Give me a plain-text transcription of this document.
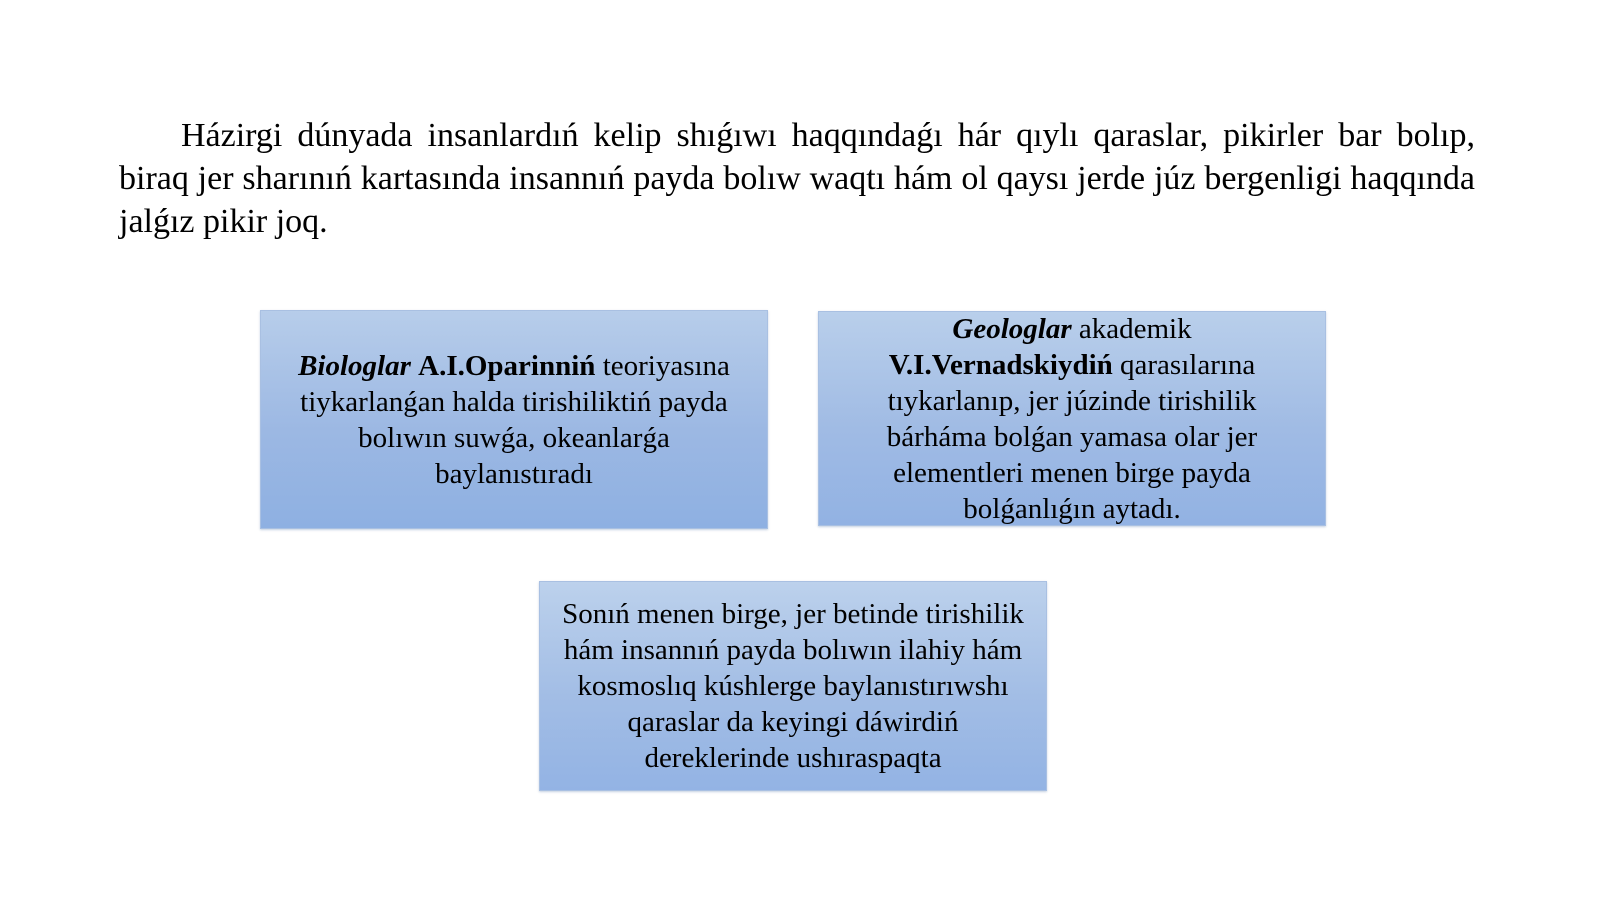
Házirgi dúnyada insanlardıń kelip shıǵıwı haqqındaǵı hár qıylı qaraslar, pikirler bar bolıp, biraq jer sharınıń kartasında insannıń payda bolıw waqtı hám ol qaysı jerde júz bergenligi haqqında jalǵız pikir joq.

Biologlar A.I.Oparinniń teoriyasına tiykarlanǵan halda tirishiliktiń payda bolıwın suwǵa, okeanlarǵa baylanıstıradı
Geologlar akademik V.I.Vernadskiydiń qarasılarına tıykarlanıp, jer júzinde tirishilik bárháma bolǵan yamasa olar jer elementleri menen birge payda bolǵanlıǵın aytadı.
Sonıń menen birge, jer betinde tirishilik hám insannıń payda bolıwın ilahiy hám kosmoslıq kúshlerge baylanıstırıwshı qaraslar da keyingi dáwirdiń dereklerinde ushıraspaqta
